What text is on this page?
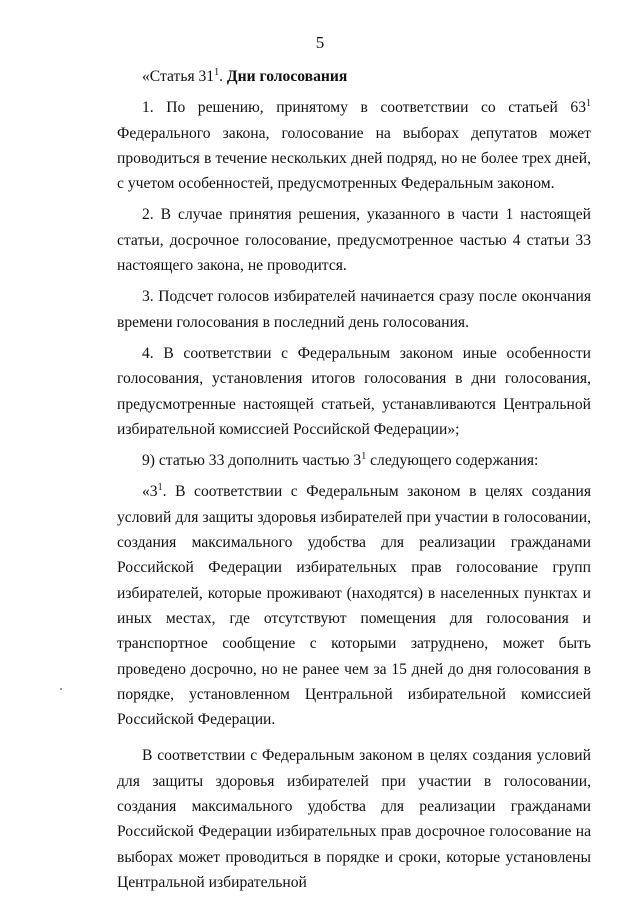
5

«Статья $31^1$. Дни голосования

1. По решению, принятому в соответствии со статьей $63^1$ Федерального закона, голосование на выборах депутатов может проводиться в течение нескольких дней подряд, но не более трех дней, с учетом особенностей, предусмотренных Федеральным законом.

2. В случае принятия решения, указанного в части 1 настоящей статьи, досрочное голосование, предусмотренное частью 4 статьи 33 настоящего закона, не проводится.

3. Подсчет голосов избирателей начинается сразу после окончания времени голосования в последний день голосования.

4. В соответствии с Федеральным законом иные особенности голосования, установления итогов голосования в дни голосования, предусмотренные настоящей статьей, устанавливаются Центральной избирательной комиссией Российской Федерации»;

9) статью 33 дополнить частью $3^1$ следующего содержания:

«$3^1$. В соответствии с Федеральным законом в целях создания условий для защиты здоровья избирателей при участии в голосовании, создания максимального удобства для реализации гражданами Российской Федерации избирательных прав голосование групп избирателей, которые проживают (находятся) в населенных пунктах и иных местах, где отсутствуют помещения для голосования и транспортное сообщение с которыми затруднено, может быть проведено досрочно, но не ранее чем за 15 дней до дня голосования в порядке, установленном Центральной избирательной комиссией Российской Федерации.

В соответствии с Федеральным законом в целях создания условий для защиты здоровья избирателей при участии в голосовании, создания максимального удобства для реализации гражданами Российской Федерации избирательных прав досрочное голосование на выборах может проводиться в порядке и сроки, которые установлены Центральной избирательной
